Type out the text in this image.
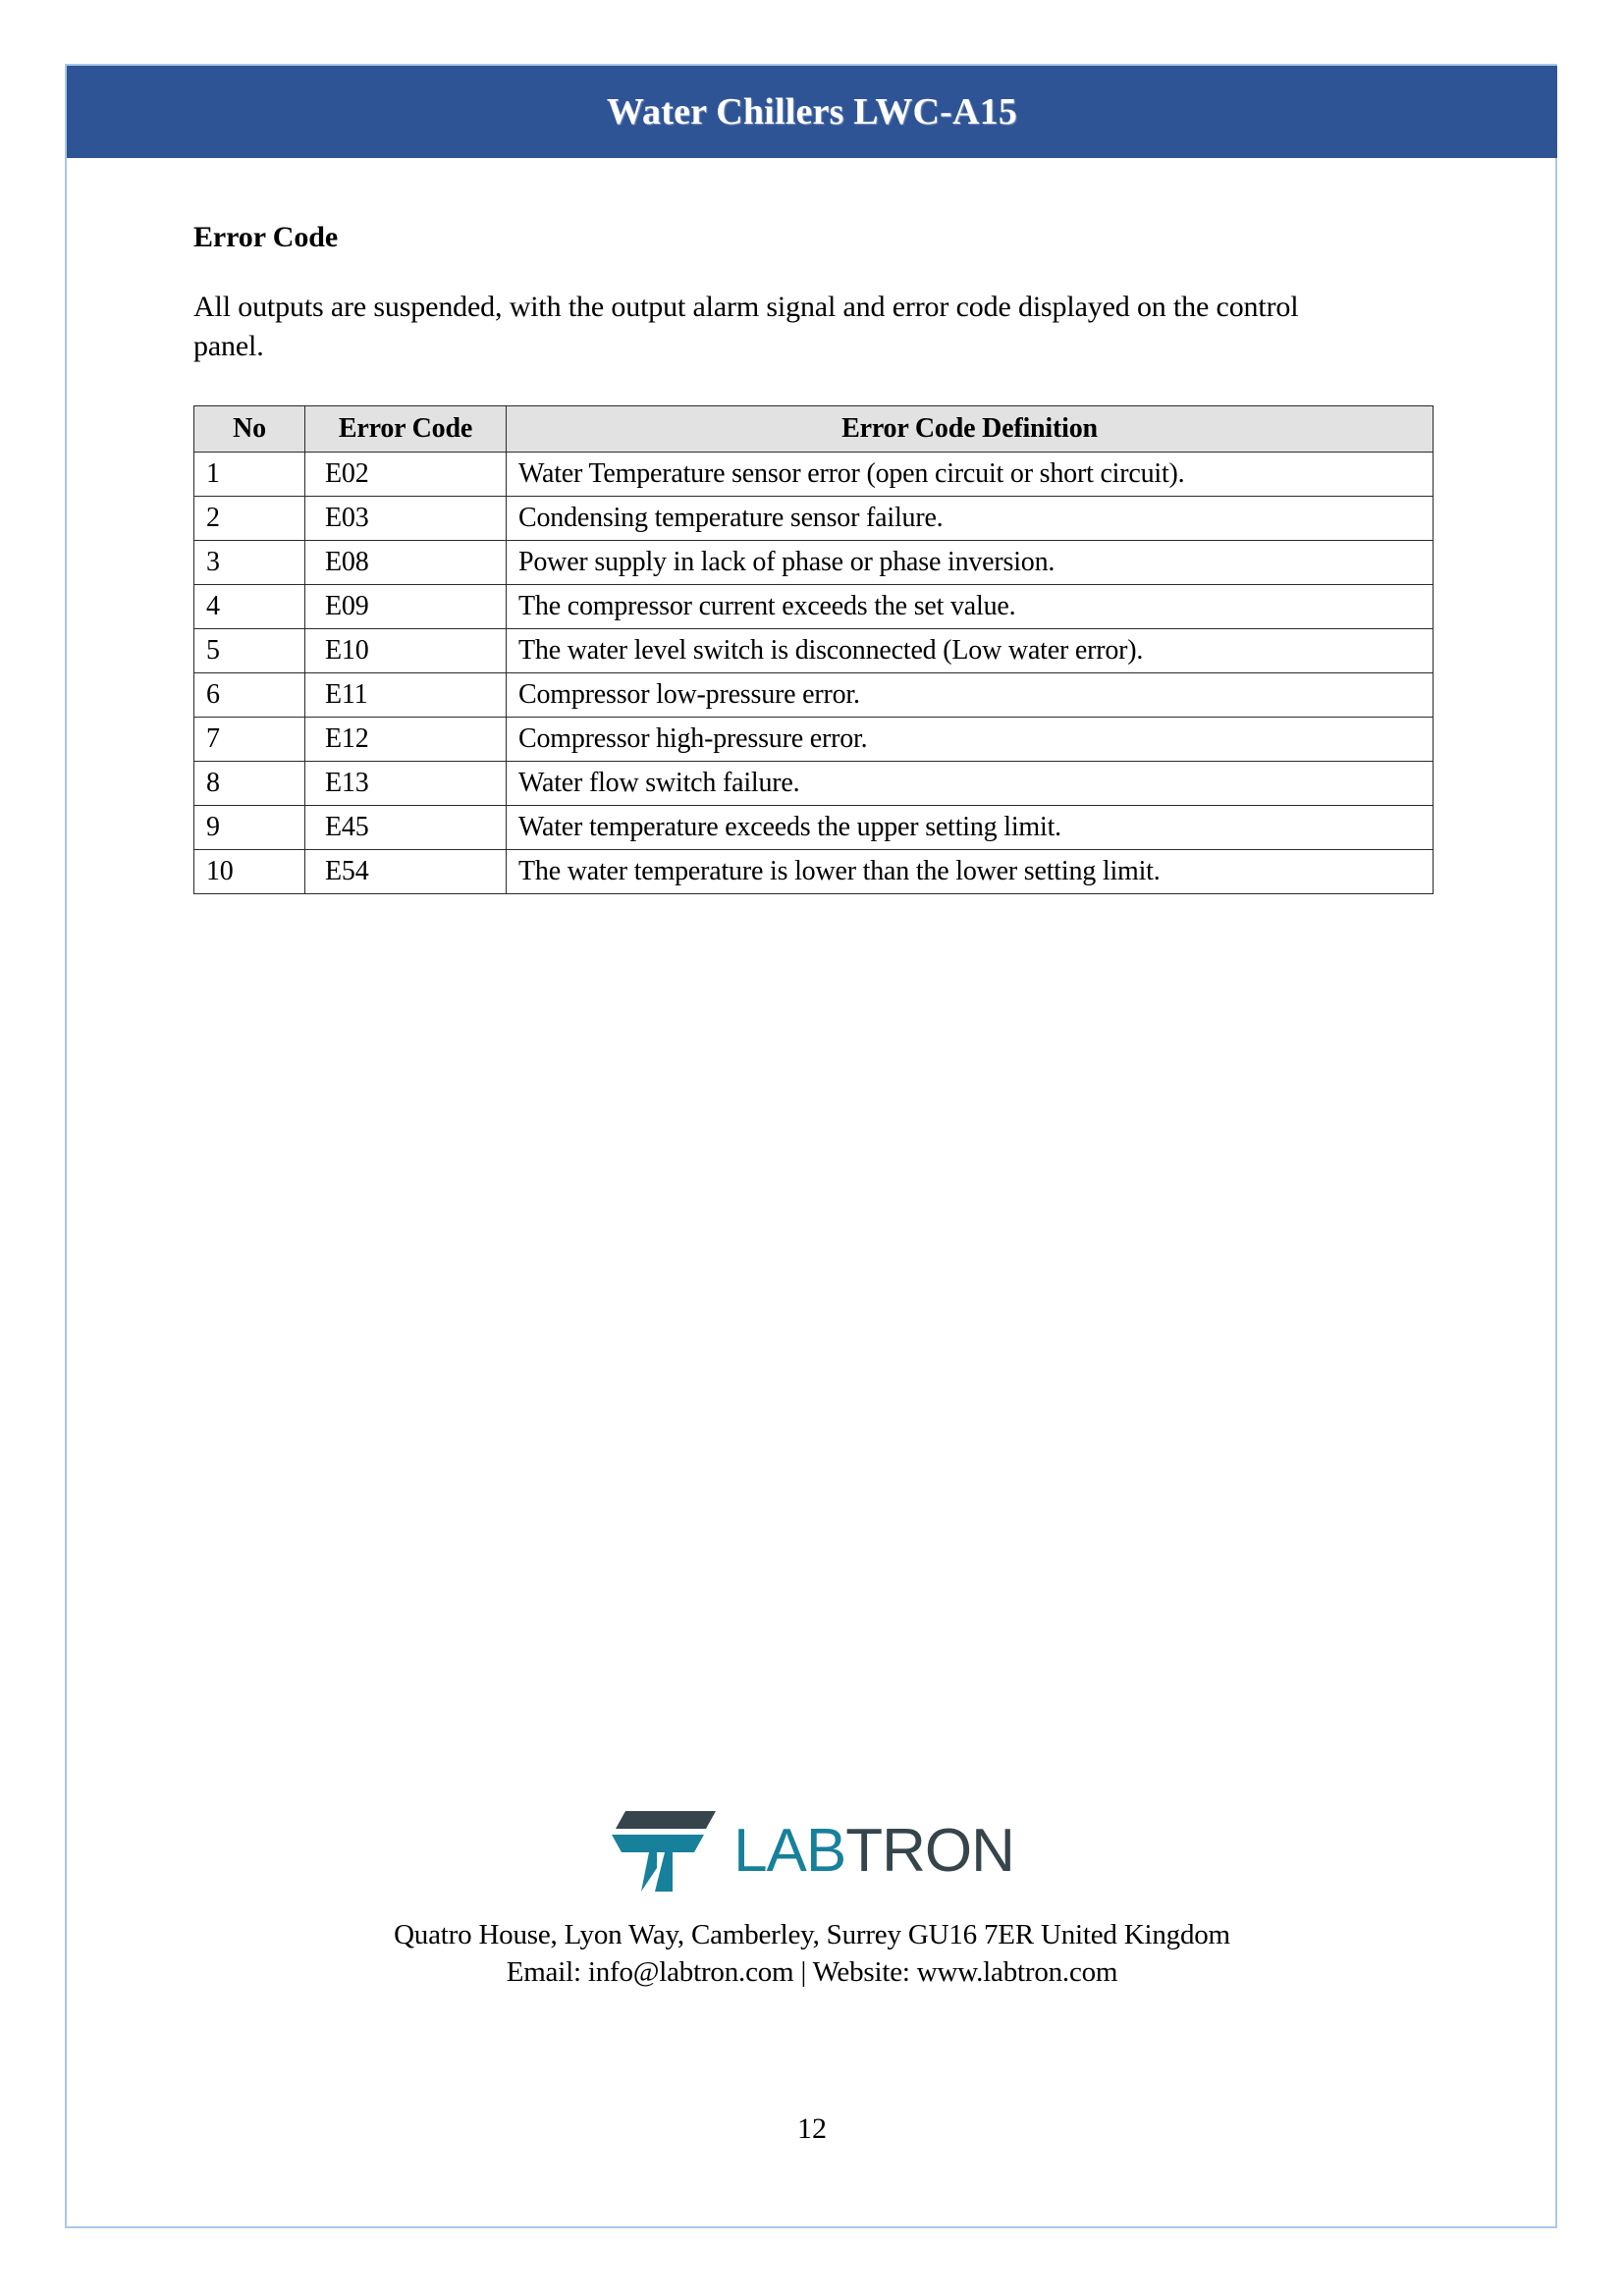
Water Chillers LWC-A15
Error Code
All outputs are suspended, with the output alarm signal and error code displayed on the control panel.
No	Error Code	Error Code Definition
1	E02	Water Temperature sensor error (open circuit or short circuit).
2	E03	Condensing temperature sensor failure.
3	E08	Power supply in lack of phase or phase inversion.
4	E09	The compressor current exceeds the set value.
5	E10	The water level switch is disconnected (Low water error).
6	E11	Compressor low-pressure error.
7	E12	Compressor high-pressure error.
8	E13	Water flow switch failure.
9	E45	Water temperature exceeds the upper setting limit.
10	E54	The water temperature is lower than the lower setting limit.
LABTRON
Quatro House, Lyon Way, Camberley, Surrey GU16 7ER United Kingdom
Email: info@labtron.com | Website: www.labtron.com
12
